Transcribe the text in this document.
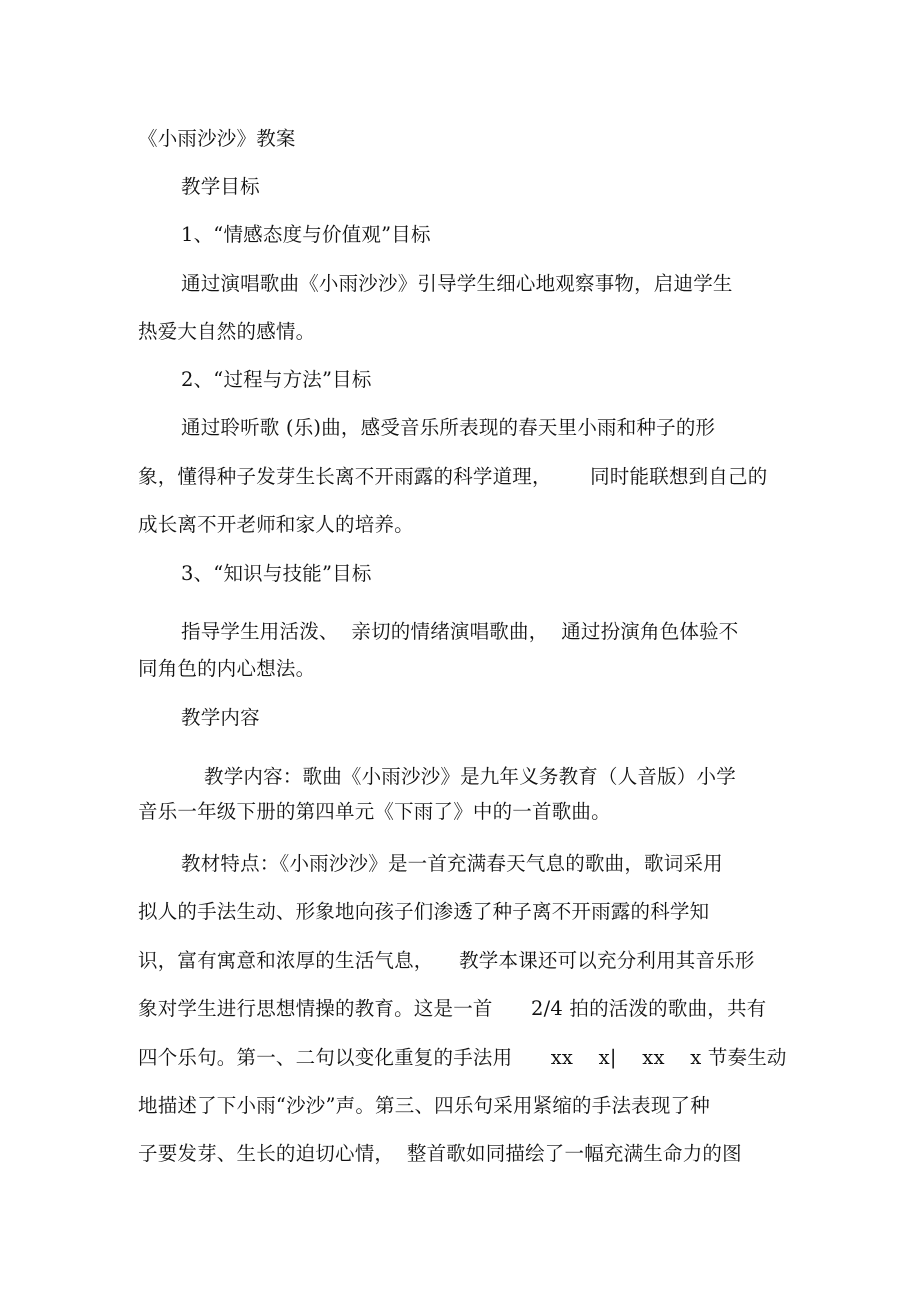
《小雨沙沙》教案
教学目标
1、“情感态度与价值观”目标
通过演唱歌曲《小雨沙沙》引导学生细心地观察事物，启迪学生
热爱大自然的感情。
2、“过程与方法”目标
通过聆听歌 (乐)曲，感受音乐所表现的春天里小雨和种子的形
象，懂得种子发芽生长离不开雨露的科学道理，      同时能联想到自己的
成长离不开老师和家人的培养。
3、“知识与技能”目标
指导学生用活泼、  亲切的情绪演唱歌曲，  通过扮演角色体验不
同角色的内心想法。
教学内容
教学内容：歌曲《小雨沙沙》是九年义务教育（人音版）小学
音乐一年级下册的第四单元《下雨了》中的一首歌曲。
教材特点：《小雨沙沙》是一首充满春天气息的歌曲，歌词采用
拟人的手法生动、形象地向孩子们渗透了种子离不开雨露的科学知
识，富有寓意和浓厚的生活气息，    教学本课还可以充分利用其音乐形
象对学生进行思想情操的教育。这是一首      2/4 拍的活泼的歌曲，共有
四个乐句。第一、二句以变化重复的手法用      xx    x|    xx    x 节奏生动
地描述了下小雨“沙沙”声。第三、四乐句采用紧缩的手法表现了种
子要发芽、生长的迫切心情，  整首歌如同描绘了一幅充满生命力的图
